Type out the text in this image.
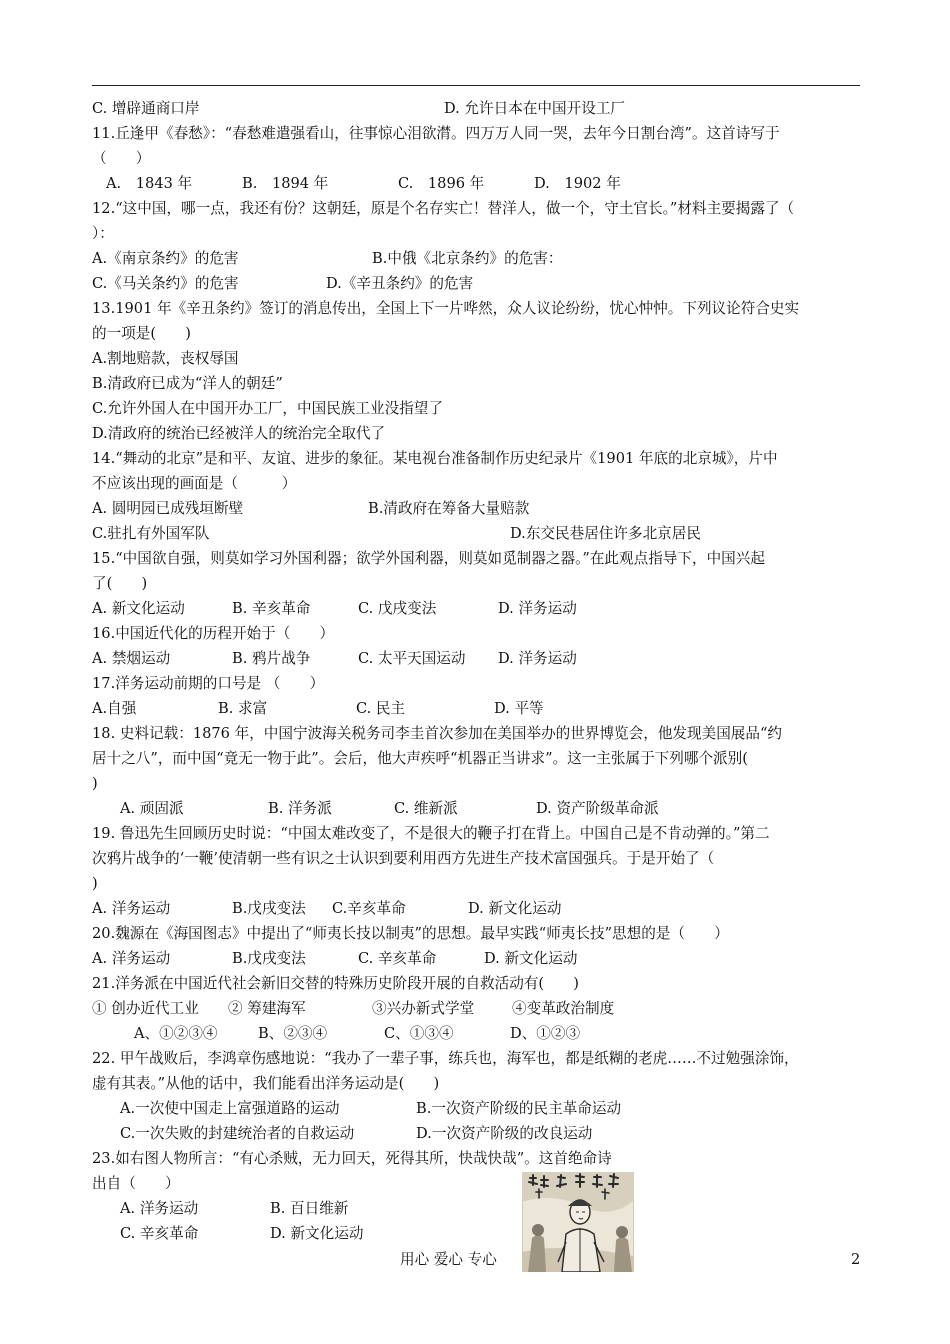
C. 增辟通商口岸	D. 允许日本在中国开设工厂
11.丘逢甲《春愁》：“春愁难遣强看山，往事惊心泪欲潸。四万万人同一哭，去年今日割台湾”。这首诗写于
（　　）
A.　1843 年	B.　1894 年	C.　1896 年	D.　1902 年
12.“这中国，哪一点，我还有份？这朝廷，原是个名存实亡！替洋人，做一个，守土官长。”材料主要揭露了（
）：
A.《南京条约》的危害	B.中俄《北京条约》的危害：
C.《马关条约》的危害	D.《辛丑条约》的危害
13.1901 年《辛丑条约》签订的消息传出，全国上下一片哗然，众人议论纷纷，忧心忡忡。下列议论符合史实
的一项是(　　)
A.割地赔款，丧权辱国
B.清政府已成为“洋人的朝廷”
C.允许外国人在中国开办工厂，中国民族工业没指望了
D.清政府的统治已经被洋人的统治完全取代了
14.“舞动的北京”是和平、友谊、进步的象征。某电视台准备制作历史纪录片《1901 年底的北京城》，片中
不应该出现的画面是（　　　）
A. 圆明园已成残垣断壁	B.清政府在筹备大量赔款
C.驻扎有外国军队	D.东交民巷居住许多北京居民
15.“中国欲自强，则莫如学习外国利器；欲学外国利器，则莫如觅制器之器。”在此观点指导下，中国兴起
了(　　)
A. 新文化运动	B. 辛亥革命	C. 戊戌变法	D. 洋务运动
16.中国近代化的历程开始于（　　）
A. 禁烟运动	B. 鸦片战争	C. 太平天国运动 D. 洋务运动
17.洋务运动前期的口号是 （　　）
A.自强	B. 求富	C. 民主	D. 平等
18. 史料记载：1876 年，中国宁波海关税务司李圭首次参加在美国举办的世界博览会，他发现美国展品“约
居十之八”，而中国“竟无一物于此”。会后，他大声疾呼“机器正当讲求”。这一主张属于下列哪个派别(
)
A. 顽固派	B. 洋务派	C. 维新派	D. 资产阶级革命派
19. 鲁迅先生回顾历史时说：“中国太难改变了，不是很大的鞭子打在背上。中国自己是不肯动弹的。”第二
次鸦片战争的‘一鞭’使清朝一些有识之士认识到要利用西方先进生产技术富国强兵。于是开始了（
)
A. 洋务运动	B.戊戌变法 C.辛亥革命	D. 新文化运动
20.魏源在《海国图志》中提出了“师夷长技以制夷”的思想。最早实践“师夷长技”思想的是（　　）
A. 洋务运动	B.戊戌变法	C. 辛亥革命	D. 新文化运动
21.洋务派在中国近代社会新旧交替的特殊历史阶段开展的自救活动有(　　)
① 创办近代工业 ② 筹建海军	③兴办新式学堂	④变革政治制度
A、①②③④	B、②③④	C、①③④	D、①②③
22. 甲午战败后，李鸿章伤感地说：“我办了一辈子事，练兵也，海军也，都是纸糊的老虎……不过勉强涂饰，
虚有其表。”从他的话中，我们能看出洋务运动是(　　)
A.一次使中国走上富强道路的运动	B.一次资产阶级的民主革命运动
C.一次失败的封建统治者的自救运动	D.一次资产阶级的改良运动
23.如右图人物所言：“有心杀贼，无力回天，死得其所，快哉快哉”。这首绝命诗
出自（　　）
A. 洋务运动	B. 百日维新
C. 辛亥革命	D. 新文化运动
用心 爱心 专心	2
